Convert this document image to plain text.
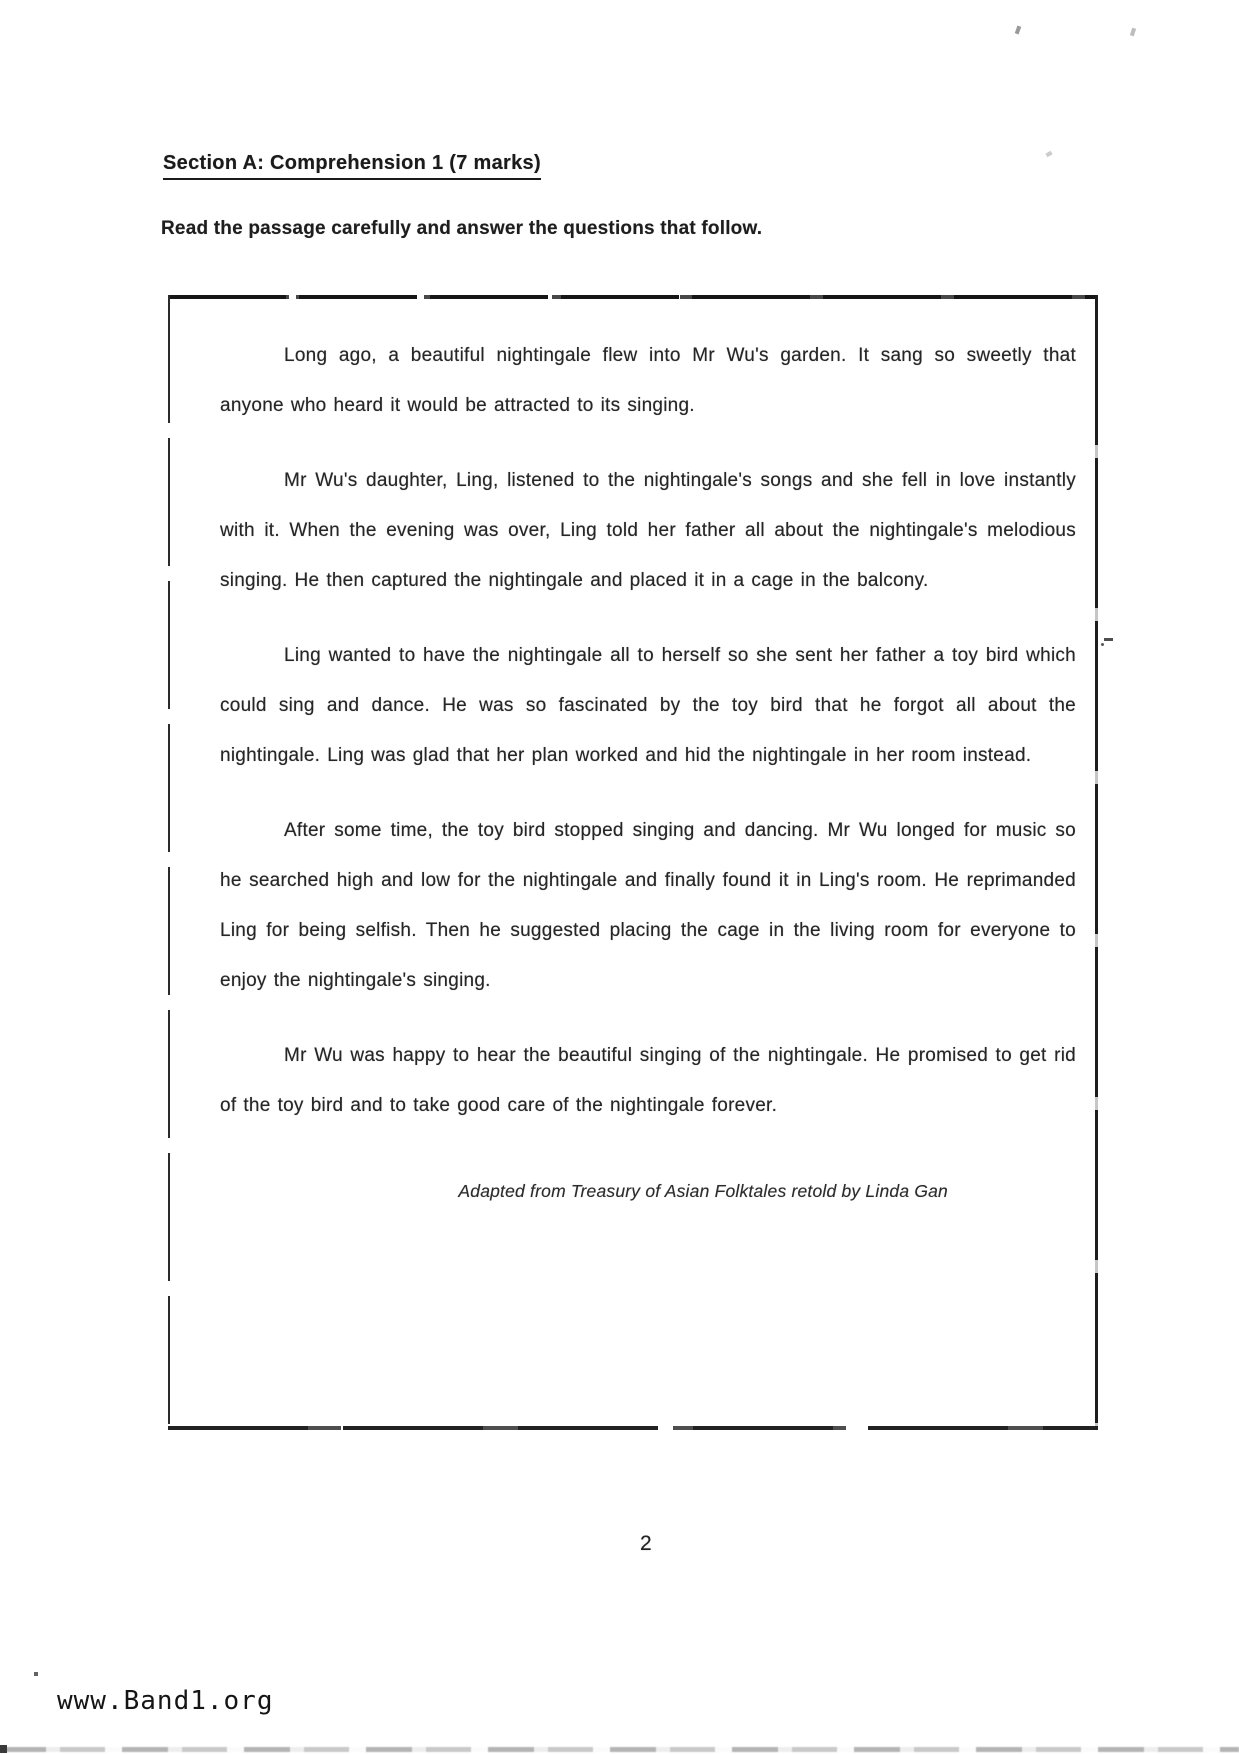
Section A: Comprehension 1 (7 marks)
Read the passage carefully and answer the questions that follow.

Long ago, a beautiful nightingale flew into Mr Wu's garden. It sang so sweetly that anyone who heard it would be attracted to its singing.

Mr Wu's daughter, Ling, listened to the nightingale's songs and she fell in love instantly with it. When the evening was over, Ling told her father all about the nightingale's melodious singing. He then captured the nightingale and placed it in a cage in the balcony.

Ling wanted to have the nightingale all to herself so she sent her father a toy bird which could sing and dance. He was so fascinated by the toy bird that he forgot all about the nightingale. Ling was glad that her plan worked and hid the nightingale in her room instead.

After some time, the toy bird stopped singing and dancing. Mr Wu longed for music so he searched high and low for the nightingale and finally found it in Ling's room. He reprimanded Ling for being selfish. Then he suggested placing the cage in the living room for everyone to enjoy the nightingale's singing.

Mr Wu was happy to hear the beautiful singing of the nightingale. He promised to get rid of the toy bird and to take good care of the nightingale forever.

Adapted from Treasury of Asian Folktales retold by Linda Gan
2
www.Band1.org
